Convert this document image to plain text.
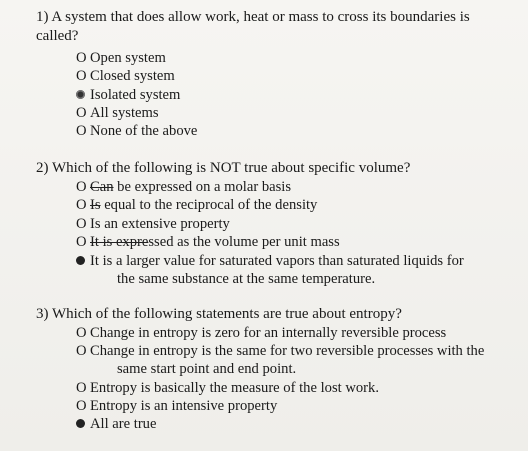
1) A system that does allow work, heat or mass to cross its boundaries is
called?
O Open system
O Closed system
Isolated system
O All systems
O None of the above
2) Which of the following is NOT true about specific volume?
O Can be expressed on a molar basis
O Is equal to the reciprocal of the density
O Is an extensive property
O It is expressed as the volume per unit mass
It is a larger value for saturated vapors than saturated liquids for
the same substance at the same temperature.
3) Which of the following statements are true about entropy?
O Change in entropy is zero for an internally reversible process
O Change in entropy is the same for two reversible processes with the
same start point and end point.
O Entropy is basically the measure of the lost work.
O Entropy is an intensive property
All are true
